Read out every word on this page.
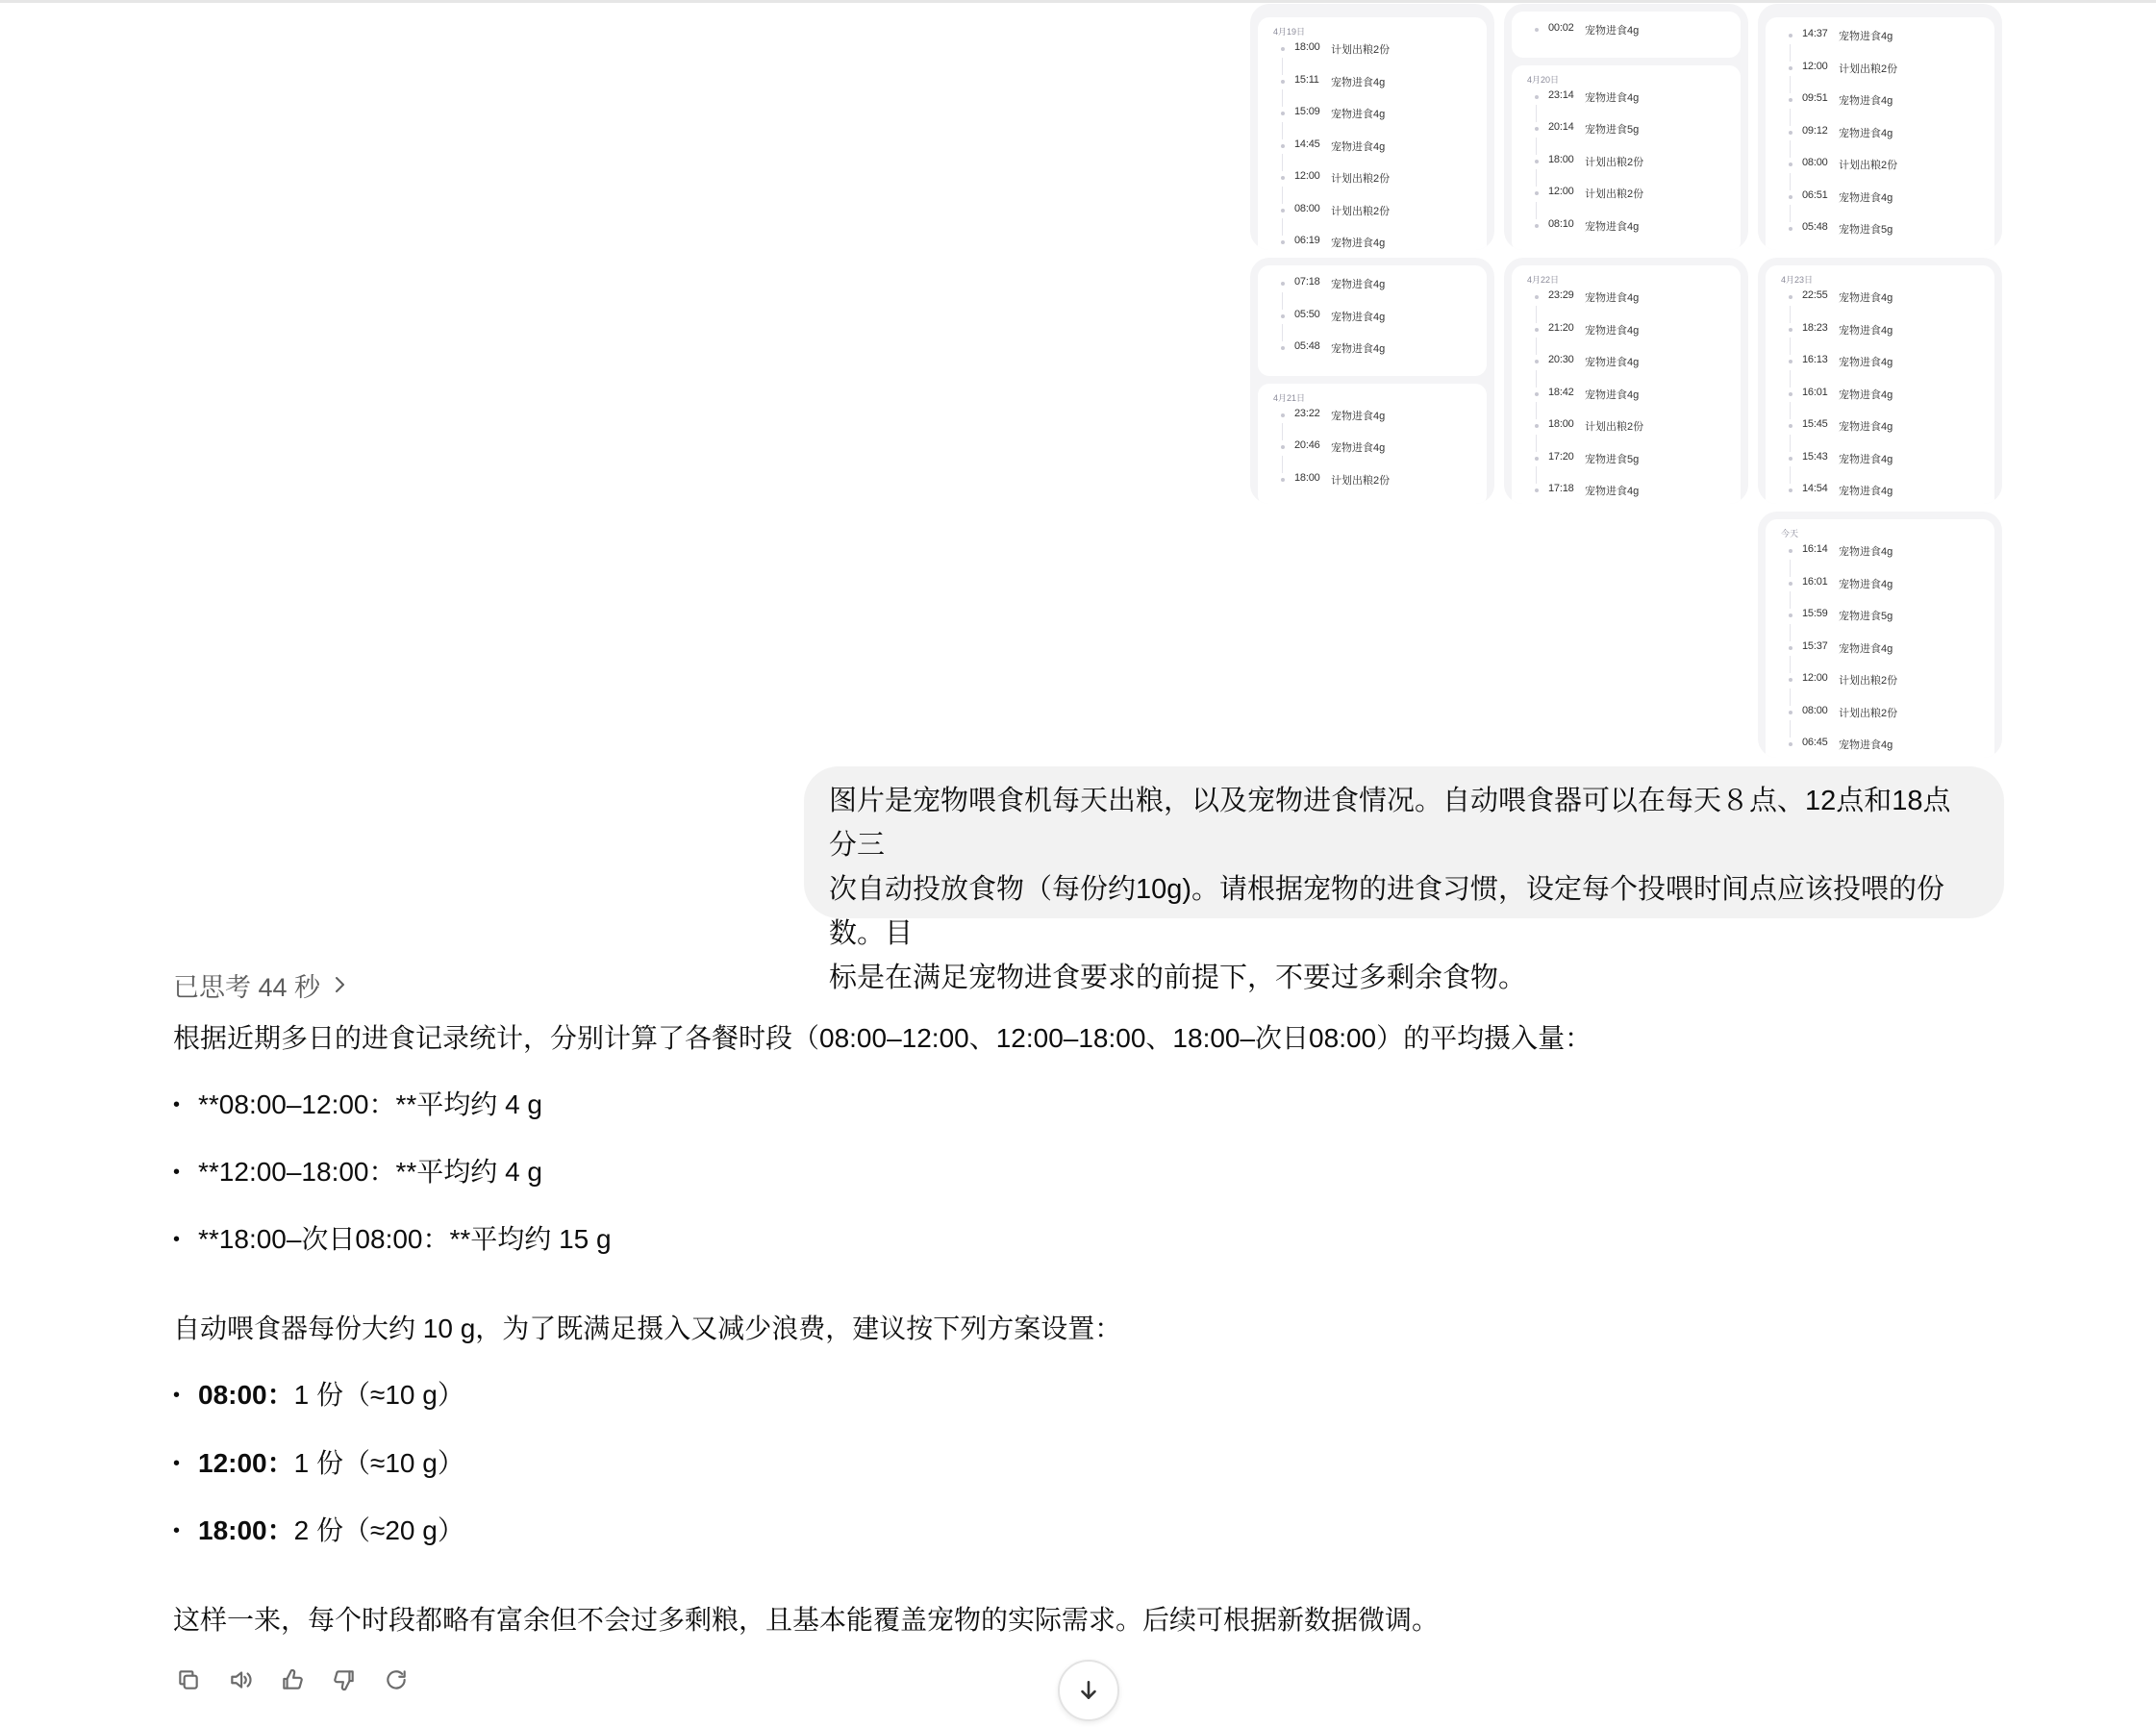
4月19日
18:00 计划出粮2份
15:11 宠物进食4g
15:09 宠物进食4g
14:45 宠物进食4g
12:00 计划出粮2份
08:00 计划出粮2份
06:19 宠物进食4g
00:02 宠物进食4g
4月20日
23:14 宠物进食4g
20:14 宠物进食5g
18:00 计划出粮2份
12:00 计划出粮2份
08:10 宠物进食4g
14:37 宠物进食4g
12:00 计划出粮2份
09:51 宠物进食4g
09:12 宠物进食4g
08:00 计划出粮2份
06:51 宠物进食4g
05:48 宠物进食5g
07:18 宠物进食4g
05:50 宠物进食4g
05:48 宠物进食4g
4月21日
23:22 宠物进食4g
20:46 宠物进食4g
18:00 计划出粮2份
4月22日
23:29 宠物进食4g
21:20 宠物进食4g
20:30 宠物进食4g
18:42 宠物进食4g
18:00 计划出粮2份
17:20 宠物进食5g
17:18 宠物进食4g
4月23日
22:55 宠物进食4g
18:23 宠物进食4g
16:13 宠物进食4g
16:01 宠物进食4g
15:45 宠物进食4g
15:43 宠物进食4g
14:54 宠物进食4g
今天
16:14 宠物进食4g
16:01 宠物进食4g
15:59 宠物进食5g
15:37 宠物进食4g
12:00 计划出粮2份
08:00 计划出粮2份
06:45 宠物进食4g
图片是宠物喂食机每天出粮，以及宠物进食情况。自动喂食器可以在每天８点、12点和18点分三
次自动投放食物（每份约10g)。请根据宠物的进食习惯，设定每个投喂时间点应该投喂的份数。目
标是在满足宠物进食要求的前提下，不要过多剩余食物。
已思考 44 秒
根据近期多日的进食记录统计，分别计算了各餐时段（08:00–12:00、12:00–18:00、18:00–次日08:00）的平均摄入量：
• **08:00–12:00：**平均约 4 g
• **12:00–18:00：**平均约 4 g
• **18:00–次日08:00：**平均约 15 g
自动喂食器每份大约 10 g，为了既满足摄入又减少浪费，建议按下列方案设置：
• 08:00： 1 份（≈10 g）
• 12:00： 1 份（≈10 g）
• 18:00： 2 份（≈20 g）
这样一来，每个时段都略有富余但不会过多剩粮，且基本能覆盖宠物的实际需求。后续可根据新数据微调。
